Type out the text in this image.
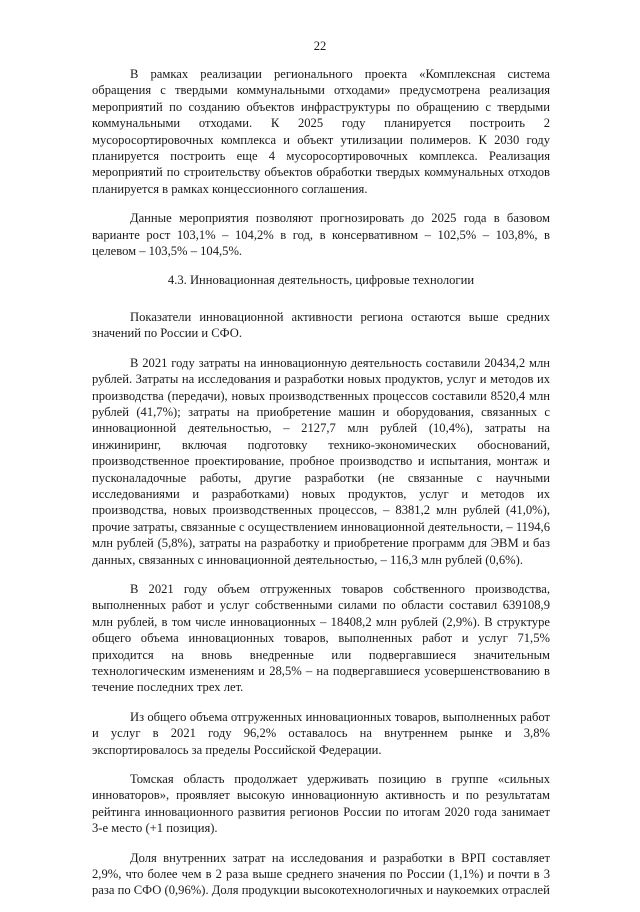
22

В рамках реализации регионального проекта «Комплексная система обращения с твердыми коммунальными отходами» предусмотрена реализация мероприятий по созданию объектов инфраструктуры по обращению с твердыми коммунальными отходами. К 2025 году планируется построить 2 мусоросортировочных комплекса и объект утилизации полимеров. К 2030 году планируется построить еще 4 мусоросортировочных комплекса. Реализация мероприятий по строительству объектов обработки твердых коммунальных отходов планируется в рамках концессионного соглашения.

Данные мероприятия позволяют прогнозировать до 2025 года в базовом варианте рост 103,1% – 104,2% в год, в консервативном – 102,5% – 103,8%, в целевом – 103,5% – 104,5%.

4.3. Инновационная деятельность, цифровые технологии

Показатели инновационной активности региона остаются выше средних значений по России и СФО.

В 2021 году затраты на инновационную деятельность составили 20434,2 млн рублей. Затраты на исследования и разработки новых продуктов, услуг и методов их производства (передачи), новых производственных процессов составили 8520,4 млн рублей (41,7%); затраты на приобретение машин и оборудования, связанных с инновационной деятельностью, – 2127,7 млн рублей (10,4%), затраты на инжиниринг, включая подготовку технико-экономических обоснований, производственное проектирование, пробное производство и испытания, монтаж и пусконаладочные работы, другие разработки (не связанные с научными исследованиями и разработками) новых продуктов, услуг и методов их производства, новых производственных процессов, – 8381,2 млн рублей (41,0%), прочие затраты, связанные с осуществлением инновационной деятельности, – 1194,6 млн рублей (5,8%), затраты на разработку и приобретение программ для ЭВМ и баз данных, связанных с инновационной деятельностью, – 116,3 млн рублей (0,6%).

В 2021 году объем отгруженных товаров собственного производства, выполненных работ и услуг собственными силами по области составил 639108,9 млн рублей, в том числе инновационных – 18408,2 млн рублей (2,9%). В структуре общего объема инновационных товаров, выполненных работ и услуг 71,5% приходится на вновь внедренные или подвергавшиеся значительным технологическим изменениям и 28,5% – на подвергавшиеся усовершенствованию в течение последних трех лет.

Из общего объема отгруженных инновационных товаров, выполненных работ и услуг в 2021 году 96,2% оставалось на внутреннем рынке и 3,8% экспортировалось за пределы Российской Федерации.

Томская область продолжает удерживать позицию в группе «сильных инноваторов», проявляет высокую инновационную активность и по результатам рейтинга инновационного развития регионов России по итогам 2020 года занимает 3-е место (+1 позиция).

Доля внутренних затрат на исследования и разработки в ВРП составляет 2,9%, что более чем в 2 раза выше среднего значения по России (1,1%) и почти в 3 раза по СФО (0,96%). Доля продукции высокотехнологичных и наукоемких отраслей
